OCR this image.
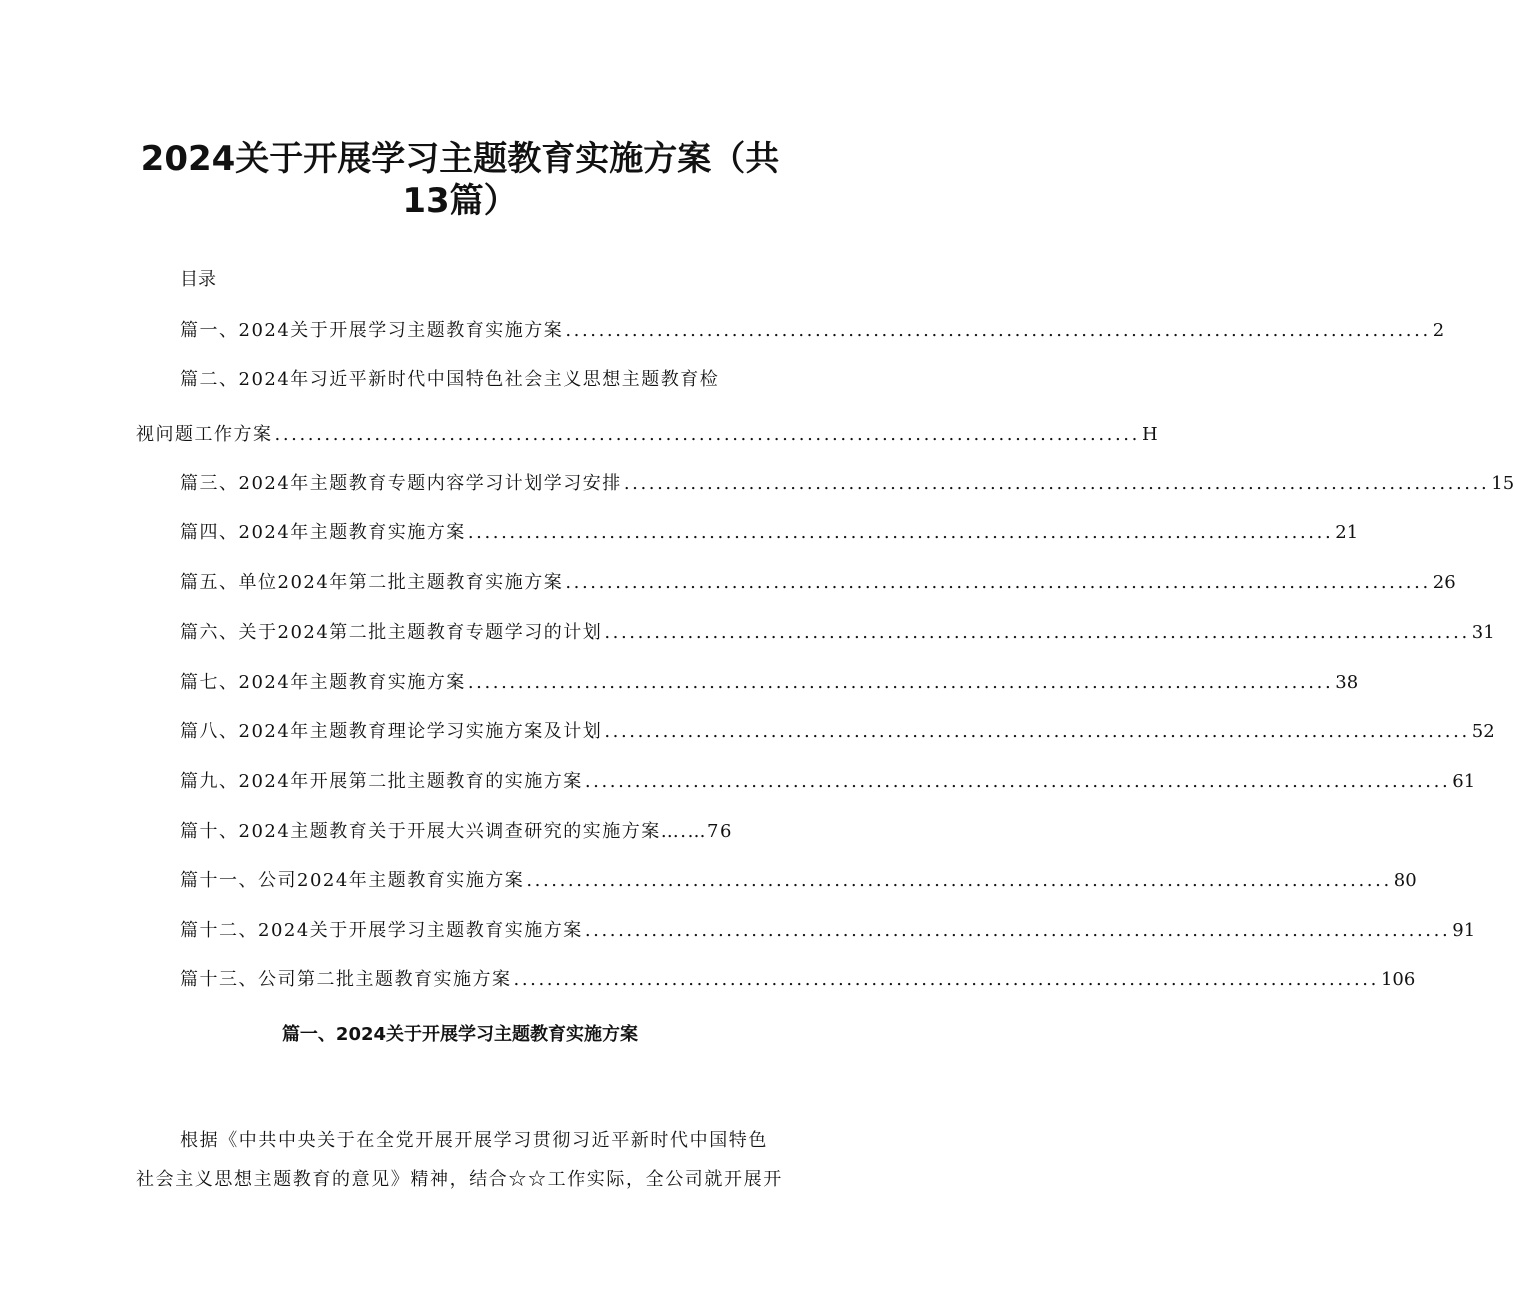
2024关于开展学习主题教育实施方案（共
13篇）
目录
篇一、2024关于开展学习主题教育实施方案 ........................................................................................................ 2
篇二、2024年习近平新时代中国特色社会主义思想主题教育检
视问题工作方案 ........................................................................................................ H
篇三、2024年主题教育专题内容学习计划学习安排 ........................................................................................................ 15
篇四、2024年主题教育实施方案 ........................................................................................................ 21
篇五、单位2024年第二批主题教育实施方案 ........................................................................................................ 26
篇六、关于2024第二批主题教育专题学习的计划 ........................................................................................................ 31
篇七、2024年主题教育实施方案 ........................................................................................................ 38
篇八、2024年主题教育理论学习实施方案及计划 ........................................................................................................ 52
篇九、2024年开展第二批主题教育的实施方案 ........................................................................................................ 61
篇十、2024主题教育关于开展大兴调查研究的实施方案….…76
篇十一、公司2024年主题教育实施方案 ........................................................................................................ 80
篇十二、2024关于开展学习主题教育实施方案 ........................................................................................................ 91
篇十三、公司第二批主题教育实施方案 ........................................................................................................ 106
篇一、2024关于开展学习主题教育实施方案
根据《中共中央关于在全党开展开展学习贯彻习近平新时代中国特色
社会主义思想主题教育的意见》精神，结合☆☆工作实际，全公司就开展开
